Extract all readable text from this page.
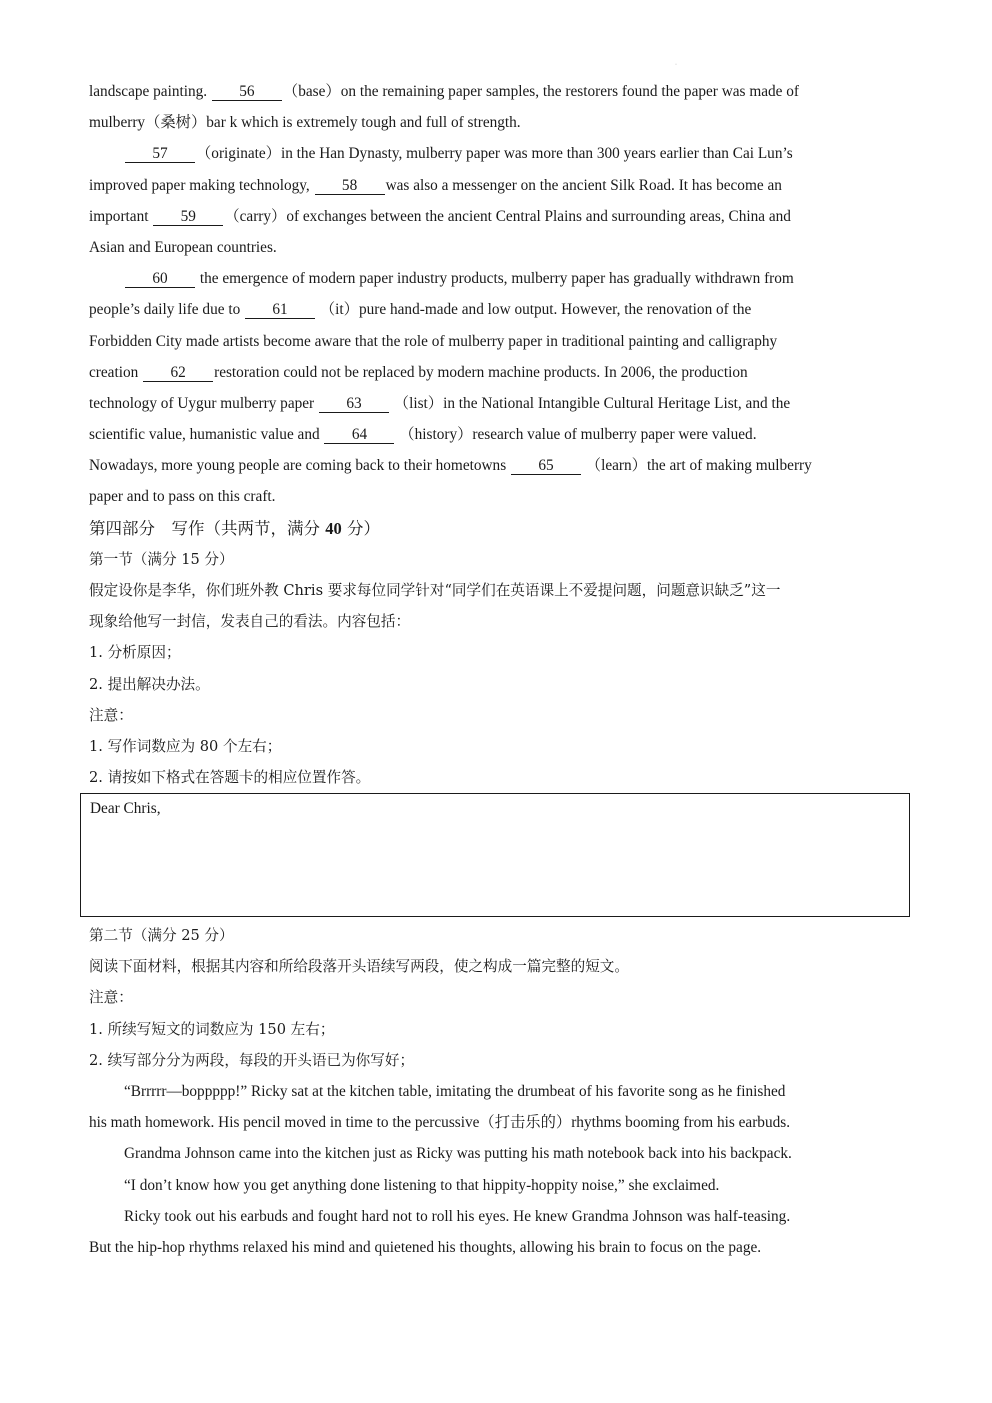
·
landscape painting. 56 （base）on the remaining paper samples, the restorers found the paper was made of
mulberry（桑树）bar k which is extremely tough and full of strength.
57 （originate）in the Han Dynasty, mulberry paper was more than 300 years earlier than Cai Lun’s
improved paper making technology, 58 was also a messenger on the ancient Silk Road. It has become an
important 59 （carry）of exchanges between the ancient Central Plains and surrounding areas, China and
Asian and European countries.
60 the emergence of modern paper industry products, mulberry paper has gradually withdrawn from
people’s daily life due to 61 （it）pure hand-made and low output. However, the renovation of the
Forbidden City made artists become aware that the role of mulberry paper in traditional painting and calligraphy
creation 62 restoration could not be replaced by modern machine products. In 2006, the production
technology of Uygur mulberry paper 63 （list）in the National Intangible Cultural Heritage List, and the
scientific value, humanistic value and 64 （history）research value of mulberry paper were valued.
Nowadays, more young people are coming back to their hometowns 65 （learn）the art of making mulberry
paper and to pass on this craft.
第四部分　写作（共两节，满分 40 分）
第一节（满分 15 分）
假定设你是李华，你们班外教 Chris 要求每位同学针对“同学们在英语课上不爱提问题，问题意识缺乏”这一
现象给他写一封信，发表自己的看法。内容包括：
1. 分析原因；
2. 提出解决办法。
注意：
1. 写作词数应为 80 个左右；
2. 请按如下格式在答题卡的相应位置作答。
Dear Chris,
第二节（满分 25 分）
阅读下面材料，根据其内容和所给段落开头语续写两段，使之构成一篇完整的短文。
注意：
1. 所续写短文的词数应为 150 左右；
2. 续写部分分为两段，每段的开头语已为你写好；
“Brrrrr—boppppp!” Ricky sat at the kitchen table, imitating the drumbeat of his favorite song as he finished
his math homework. His pencil moved in time to the percussive（打击乐的）rhythms booming from his earbuds.
Grandma Johnson came into the kitchen just as Ricky was putting his math notebook back into his backpack.
“I don’t know how you get anything done listening to that hippity-hoppity noise,” she exclaimed.
Ricky took out his earbuds and fought hard not to roll his eyes. He knew Grandma Johnson was half-teasing.
But the hip-hop rhythms relaxed his mind and quietened his thoughts, allowing his brain to focus on the page.
